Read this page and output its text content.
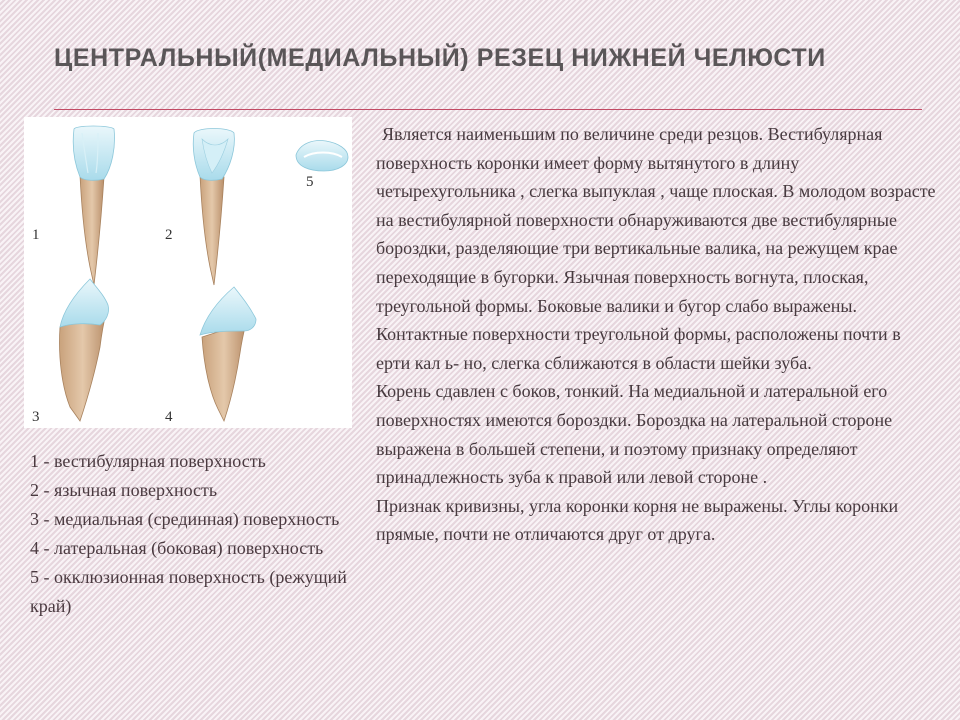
ЦЕНТРАЛЬНЫЙ(МЕДИАЛЬНЫЙ) РЕЗЕЦ НИЖНЕЙ ЧЕЛЮСТИ
1	2
3	4
5
1 - вестибулярная поверхность
2 - язычная поверхность
3 - медиальная (срединная) поверхность
4 - латеральная (боковая) поверхность
5 - окклюзионная поверхность (режущий край)

Является наименьшим по величине среди резцов. Вестибулярная поверхность коронки имеет форму вытянутого в длину четырехугольника , слегка выпуклая , чаще плоская. В молодом возрасте на вестибулярной поверхности обнаруживаются две вестибулярные бороздки, разделяющие три вертикальные валика, на режущем крае переходящие в бугорки. Язычная поверхность вогнута, плоская, треугольной формы. Боковые валики и бугор слабо выражены. Контактные поверхности треугольной формы, расположены почти в ерти кал ь- но, слегка сближаются в области шейки зуба.

Корень сдавлен с боков, тонкий. На медиальной и латеральной его поверхностях имеются бороздки. Бороздка на латеральной стороне выражена в большей степени, и поэтому признаку определяют принадлежность зуба к правой или левой стороне .

Признак кривизны, угла коронки корня не выражены. Углы коронки прямые, почти не отличаются друг от друга.
